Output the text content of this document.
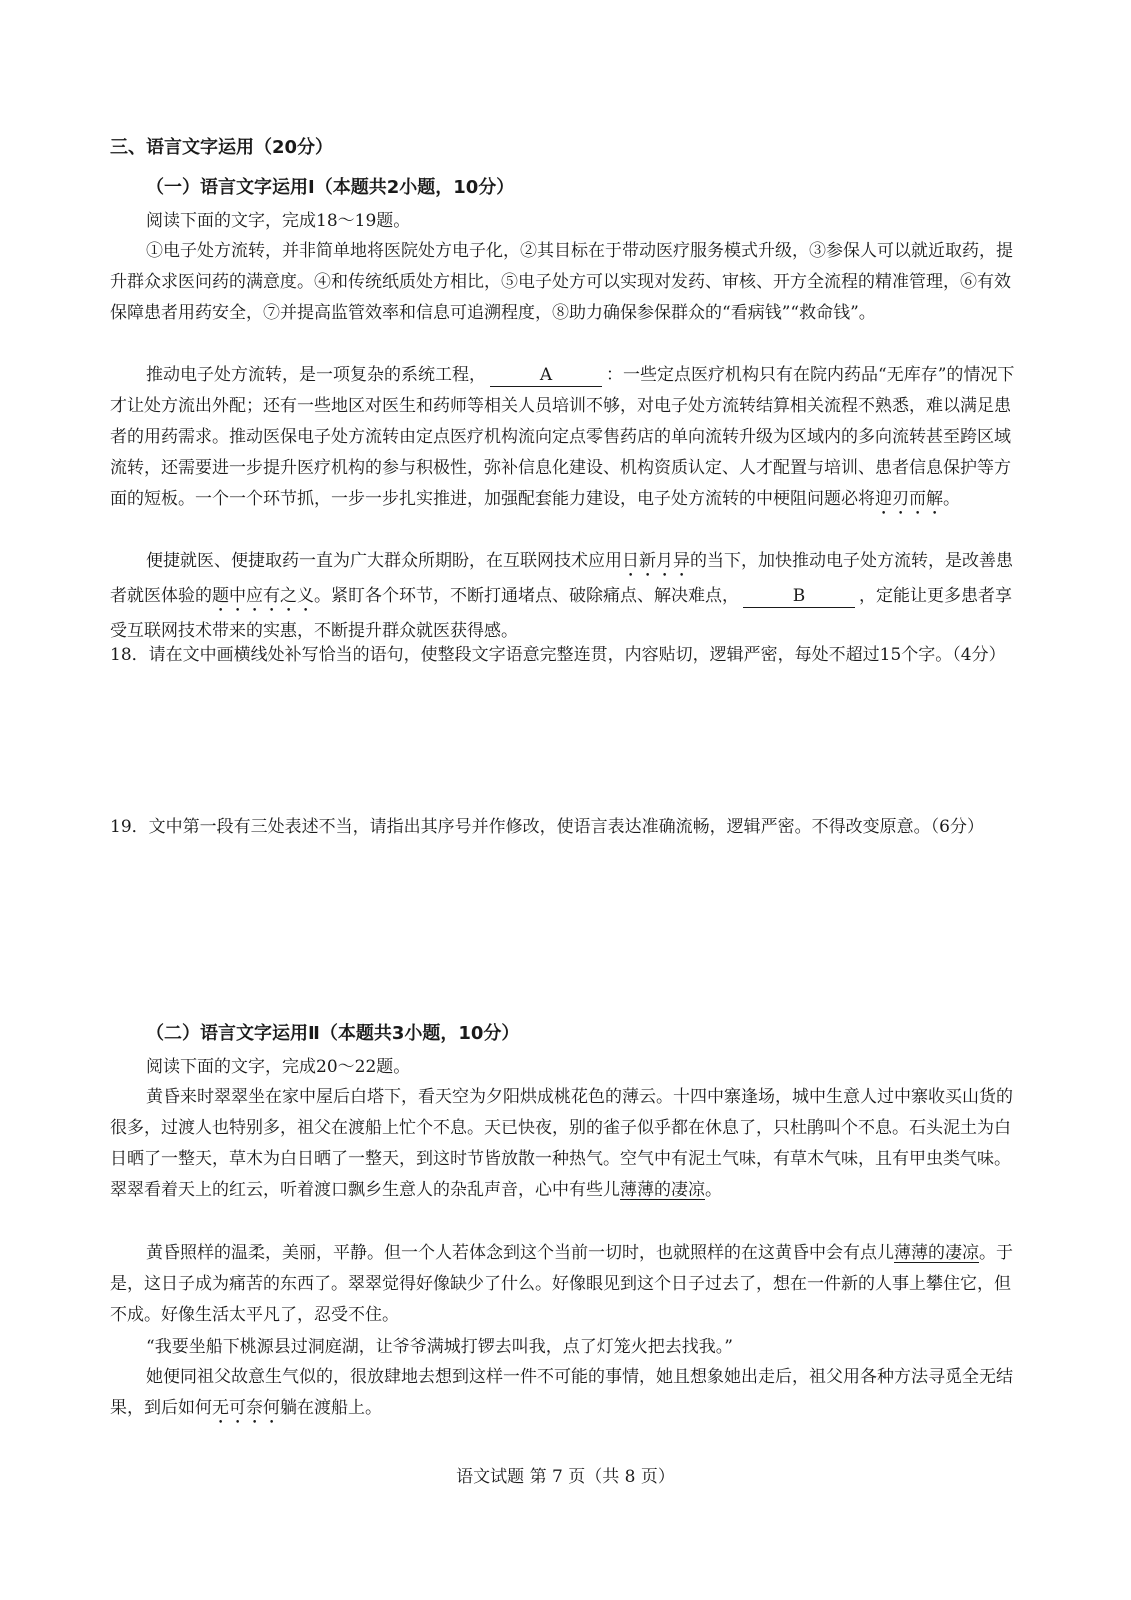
三、语言文字运用（20分）
（一）语言文字运用Ⅰ（本题共2小题，10分）
阅读下面的文字，完成18～19题。
①电子处方流转，并非简单地将医院处方电子化，②其目标在于带动医疗服务模式升级，③参保人可以就近取药，提升群众求医问药的满意度。④和传统纸质处方相比，⑤电子处方可以实现对发药、审核、开方全流程的精准管理，⑥有效保障患者用药安全，⑦并提高监管效率和信息可追溯程度，⑧助力确保参保群众的“看病钱”“救命钱”。
推动电子处方流转，是一项复杂的系统工程，	A	：一些定点医疗机构只有在院内药品“无库存”的情况下才让处方流出外配；还有一些地区对医生和药师等相关人员培训不够，对电子处方流转结算相关流程不熟悉，难以满足患者的用药需求。推动医保电子处方流转由定点医疗机构流向定点零售药店的单向流转升级为区域内的多向流转甚至跨区域流转，还需要进一步提升医疗机构的参与积极性，弥补信息化建设、机构资质认定、人才配置与培训、患者信息保护等方面的短板。一个一个环节抓，一步一步扎实推进，加强配套能力建设，电子处方流转的中梗阻问题必将迎刃而解。
便捷就医、便捷取药一直为广大群众所期盼，在互联网技术应用日新月异的当下，加快推动电子处方流转，是改善患者就医体验的题中应有之义。紧盯各个环节，不断打通堵点、破除痛点、解决难点，	B	，定能让更多患者享受互联网技术带来的实惠，不断提升群众就医获得感。
18．请在文中画横线处补写恰当的语句，使整段文字语意完整连贯，内容贴切，逻辑严密，每处不超过15个字。（4分）
19．文中第一段有三处表述不当，请指出其序号并作修改，使语言表达准确流畅，逻辑严密。不得改变原意。（6分）
（二）语言文字运用Ⅱ（本题共3小题，10分）
阅读下面的文字，完成20～22题。
黄昏来时翠翠坐在家中屋后白塔下，看天空为夕阳烘成桃花色的薄云。十四中寨逢场，城中生意人过中寨收买山货的很多，过渡人也特别多，祖父在渡船上忙个不息。天已快夜，别的雀子似乎都在休息了，只杜鹃叫个不息。石头泥土为白日晒了一整天，草木为白日晒了一整天，到这时节皆放散一种热气。空气中有泥土气味，有草木气味，且有甲虫类气味。翠翠看着天上的红云，听着渡口飘乡生意人的杂乱声音，心中有些儿薄薄的凄凉。
黄昏照样的温柔，美丽，平静。但一个人若体念到这个当前一切时，也就照样的在这黄昏中会有点儿薄薄的凄凉。于是，这日子成为痛苦的东西了。翠翠觉得好像缺少了什么。好像眼见到这个日子过去了，想在一件新的人事上攀住它，但不成。好像生活太平凡了，忍受不住。
“我要坐船下桃源县过洞庭湖，让爷爷满城打锣去叫我，点了灯笼火把去找我。”
她便同祖父故意生气似的，很放肆地去想到这样一件不可能的事情，她且想象她出走后，祖父用各种方法寻觅全无结果，到后如何无可奈何躺在渡船上。
语文试题 第 7 页（共 8 页）
